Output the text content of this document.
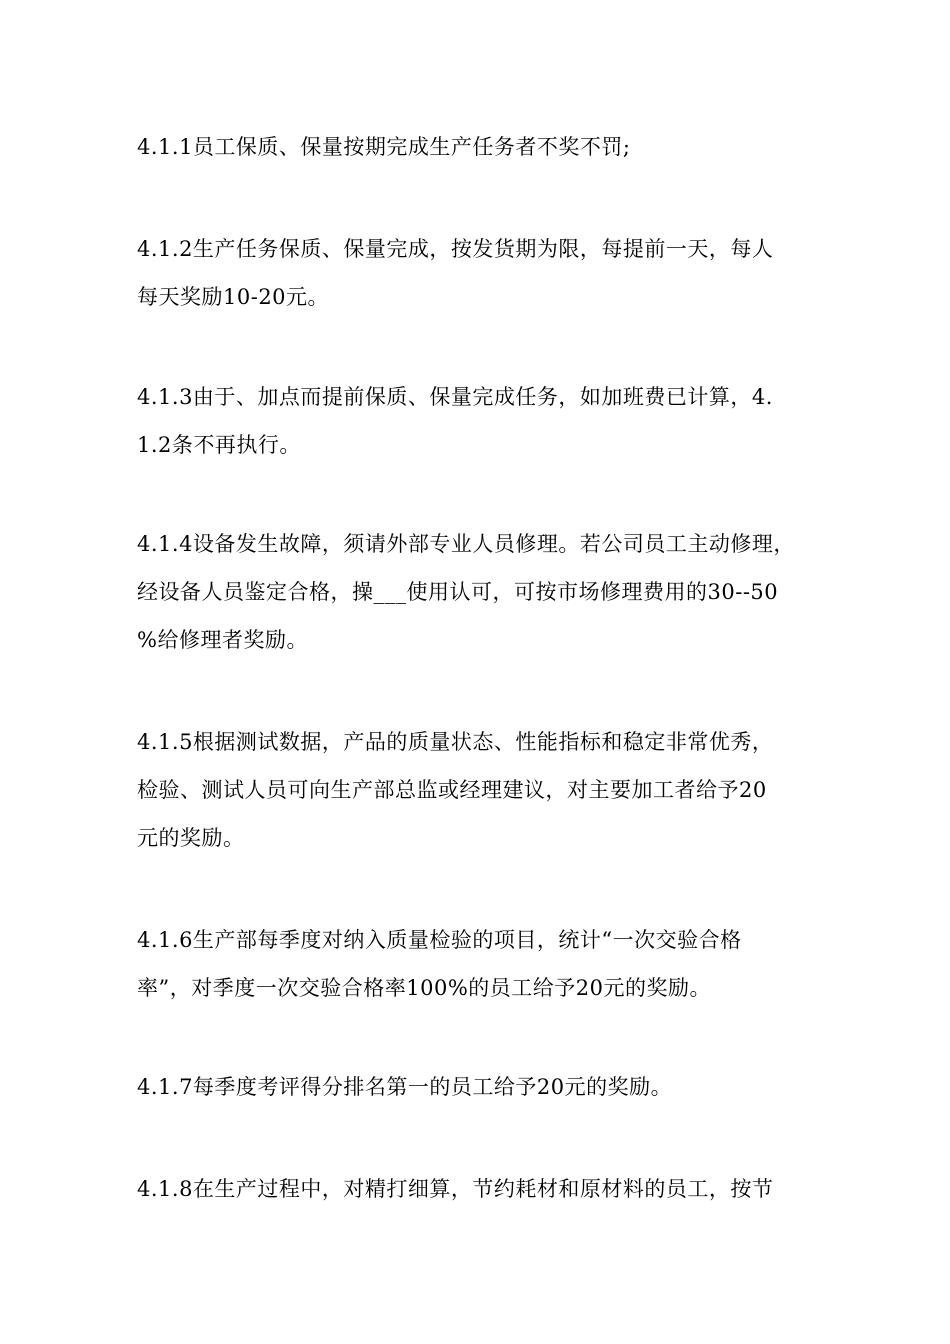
4.1.1员工保质、保量按期完成生产任务者不奖不罚;
4.1.2生产任务保质、保量完成，按发货期为限，每提前一天，每人
每天奖励10-20元。
4.1.3由于、加点而提前保质、保量完成任务，如加班费已计算，4.
1.2条不再执行。
4.1.4设备发生故障，须请外部专业人员修理。若公司员工主动修理，
经设备人员鉴定合格，操___使用认可，可按市场修理费用的30--50
%给修理者奖励。
4.1.5根据测试数据，产品的质量状态、性能指标和稳定非常优秀，
检验、测试人员可向生产部总监或经理建议，对主要加工者给予20
元的奖励。
4.1.6生产部每季度对纳入质量检验的项目，统计“一次交验合格
率”，对季度一次交验合格率100%的员工给予20元的奖励。
4.1.7每季度考评得分排名第一的员工给予20元的奖励。
4.1.8在生产过程中，对精打细算，节约耗材和原材料的员工，按节
